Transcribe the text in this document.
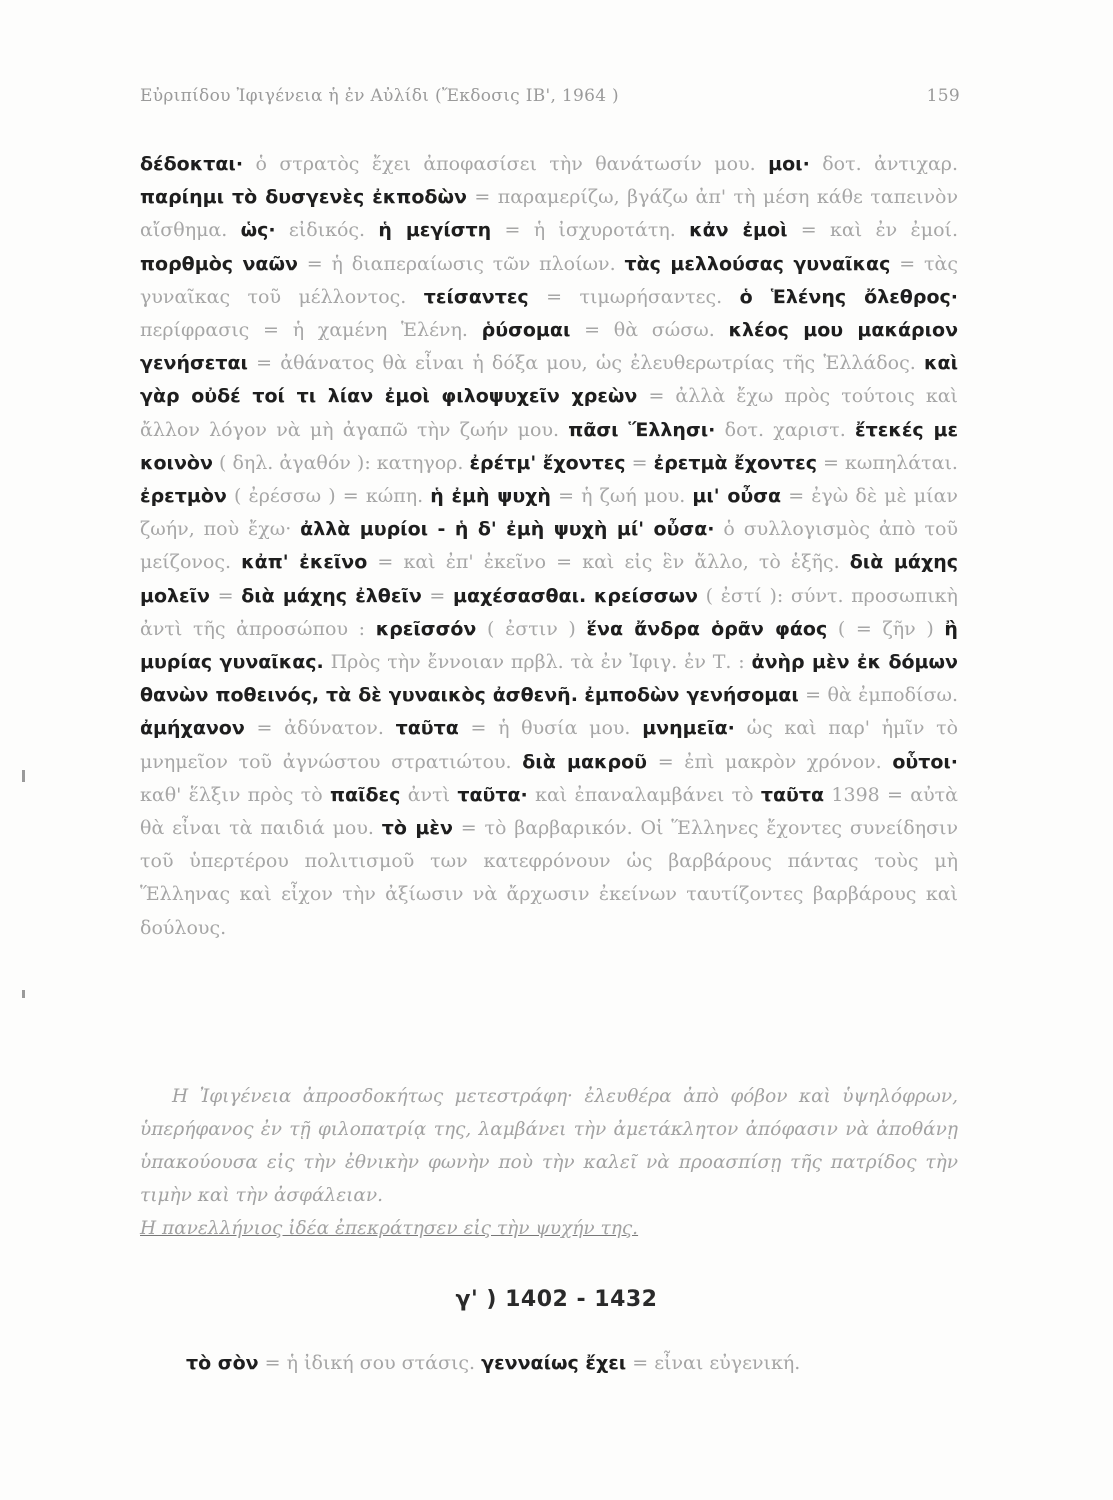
Εὐριπίδου Ἰφιγένεια ἡ ἐν Αὐλίδι (Ἔκδοσις ΙΒ', 1964 )	159
δέδοκται· ὁ στρατὸς ἔχει ἀποφασίσει τὴν θανάτωσίν μου. μοι· δοτ. ἀντιχαρ. παρίημι τὸ δυσγενὲς ἐκποδὼν = παραμερίζω, βγάζω ἀπ' τὴ μέση κάθε ταπεινὸν αἴσθημα. ὡς· εἰδικός. ἡ μεγίστη = ἡ ἰσχυροτάτη. κἀν ἐμοὶ = καὶ ἐν ἐμοί. πορθμὸς ναῶν = ἡ διαπεραίωσις τῶν πλοίων. τὰς μελλούσας γυναῖκας = τὰς γυναῖκας τοῦ μέλλοντος. τείσαντες = τιμωρήσαντες. ὁ Ἑλένης ὄλεθρος· περίφρασις = ἡ χαμένη Ἑλένη. ῥύσομαι = θὰ σώσω. κλέος μου μακάριον γενήσεται = ἀθάνατος θὰ εἶναι ἡ δόξα μου, ὡς ἐλευθερωτρίας τῆς Ἑλλάδος. καὶ γὰρ οὐδέ τοί τι λίαν ἐμοὶ φιλοψυχεῖν χρεὼν = ἀλλὰ ἔχω πρὸς τούτοις καὶ ἄλλον λόγον νὰ μὴ ἀγαπῶ τὴν ζωήν μου. πᾶσι Ἕλλησι· δοτ. χαριστ. ἔτεκές με κοινὸν ( δηλ. ἀγαθόν ): κατηγορ. ἐρέτμ' ἔχοντες = ἐρετμὰ ἔχοντες = κωπηλάται. ἐρετμὸν ( ἐρέσσω ) = κώπη. ἡ ἐμὴ ψυχὴ = ἡ ζωή μου. μι' οὖσα = ἐγὼ δὲ μὲ μίαν ζωήν, ποὺ ἔχω· ἀλλὰ μυρίοι - ἡ δ' ἐμὴ ψυχὴ μί' οὖσα· ὁ συλλογισμὸς ἀπὸ τοῦ μείζονος. κἀπ' ἐκεῖνο = καὶ ἐπ' ἐκεῖνο = καὶ εἰς ἓν ἄλλο, τὸ ἑξῆς. διὰ μάχης μολεῖν = διὰ μάχης ἐλθεῖν = μαχέσασθαι. κρείσσων ( ἐστί ): σύντ. προσωπικὴ ἀντὶ τῆς ἀπροσώπου : κρεῖσσόν ( ἐστιν ) ἕνα ἄνδρα ὁρᾶν φάος ( = ζῆν ) ἢ μυρίας γυναῖκας. Πρὸς τὴν ἔννοιαν πρβλ. τὰ ἐν Ἰφιγ. ἐν Τ. : ἀνὴρ μὲν ἐκ δόμων θανὼν ποθεινός, τὰ δὲ γυναικὸς ἀσθενῆ. ἐμποδὼν γενήσομαι = θὰ ἐμποδίσω. ἀμήχανον = ἀδύνατον. ταῦτα = ἡ θυσία μου. μνημεῖα· ὡς καὶ παρ' ἡμῖν τὸ μνημεῖον τοῦ ἀγνώστου στρατιώτου. διὰ μακροῦ = ἐπὶ μακρὸν χρόνον. οὗτοι· καθ' ἕλξιν πρὸς τὸ παῖδες ἀντὶ ταῦτα· καὶ ἐπαναλαμβάνει τὸ ταῦτα 1398 = αὐτὰ θὰ εἶναι τὰ παιδιά μου. τὸ μὲν = τὸ βαρβαρικόν. Οἱ Ἕλληνες ἔχοντες συνείδησιν τοῦ ὑπερτέρου πολιτισμοῦ των κατεφρόνουν ὡς βαρβάρους πάντας τοὺς μὴ Ἕλληνας καὶ εἶχον τὴν ἀξίωσιν νὰ ἄρχωσιν ἐκείνων ταυτίζοντες βαρβάρους καὶ δούλους.
Η Ἰφιγένεια ἀπροσδοκήτως μετεστράφη· ἐλευθέρα ἀπὸ φόβον καὶ ὑψηλόφρων, ὑπερήφανος ἐν τῇ φιλοπατρίᾳ της, λαμβάνει τὴν ἀμετάκλητον ἀπόφασιν νὰ ἀποθάνῃ ὑπακούουσα εἰς τὴν ἐθνικὴν φωνὴν ποὺ τὴν καλεῖ νὰ προασπίσῃ τῆς πατρίδος τὴν τιμὴν καὶ τὴν ἀσφάλειαν.
Η πανελλήνιος ἰδέα ἐπεκράτησεν εἰς τὴν ψυχήν της.
γ' ) 1402 - 1432
τὸ σὸν = ἡ ἰδική σου στάσις. γενναίως ἔχει = εἶναι εὐγενική.
